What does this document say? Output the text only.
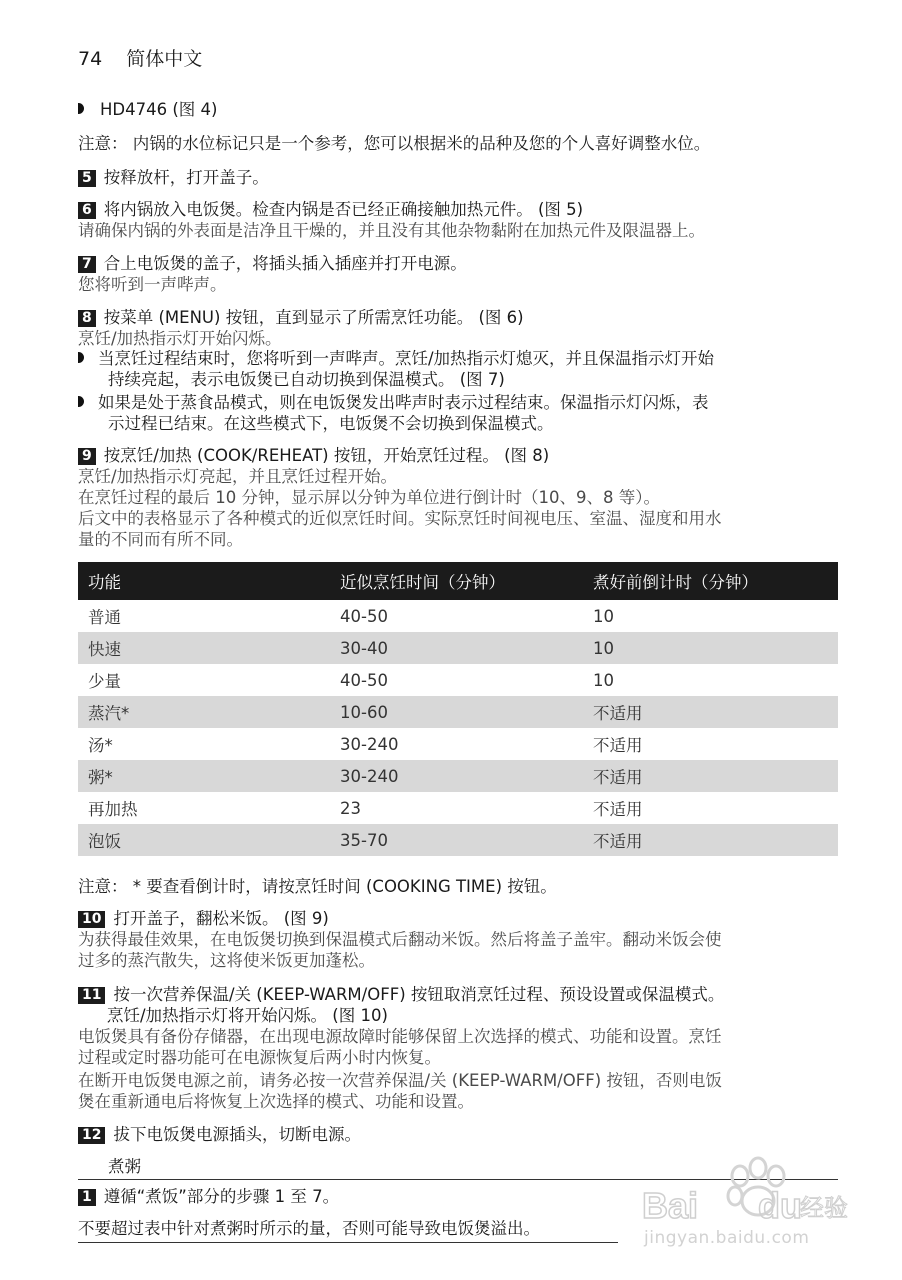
74 简体中文
HD4746 (图 4)
注意： 内锅的水位标记只是一个参考，您可以根据米的品种及您的个人喜好调整水位。
5 按释放杆，打开盖子。
6 将内锅放入电饭煲。检查内锅是否已经正确接触加热元件。 (图 5)
请确保内锅的外表面是洁净且干燥的，并且没有其他杂物黏附在加热元件及限温器上。
7 合上电饭煲的盖子，将插头插入插座并打开电源。
您将听到一声哔声。
8 按菜单 (MENU) 按钮，直到显示了所需烹饪功能。 (图 6)
烹饪/加热指示灯开始闪烁。
当烹饪过程结束时，您将听到一声哔声。烹饪/加热指示灯熄灭，并且保温指示灯开始
持续亮起，表示电饭煲已自动切换到保温模式。 (图 7)
如果是处于蒸食品模式，则在电饭煲发出哔声时表示过程结束。保温指示灯闪烁，表
示过程已结束。在这些模式下，电饭煲不会切换到保温模式。
9 按烹饪/加热 (COOK/REHEAT) 按钮，开始烹饪过程。 (图 8)
烹饪/加热指示灯亮起，并且烹饪过程开始。
在烹饪过程的最后 10 分钟，显示屏以分钟为单位进行倒计时（10、9、8 等）。
后文中的表格显示了各种模式的近似烹饪时间。实际烹饪时间视电压、室温、湿度和用水
量的不同而有所不同。
功能	近似烹饪时间（分钟）	煮好前倒计时（分钟）
普通	40-50	10
快速	30-40	10
少量	40-50	10
蒸汽*	10-60	不适用
汤*	30-240	不适用
粥*	30-240	不适用
再加热	23	不适用
泡饭	35-70	不适用
注意： * 要查看倒计时，请按烹饪时间 (COOKING TIME) 按钮。
10 打开盖子，翻松米饭。 (图 9)
为获得最佳效果，在电饭煲切换到保温模式后翻动米饭。然后将盖子盖牢。翻动米饭会使
过多的蒸汽散失，这将使米饭更加蓬松。
11 按一次营养保温/关 (KEEP-WARM/OFF) 按钮取消烹饪过程、预设设置或保温模式。
烹饪/加热指示灯将开始闪烁。 (图 10)
电饭煲具有备份存储器，在出现电源故障时能够保留上次选择的模式、功能和设置。烹饪
过程或定时器功能可在电源恢复后两小时内恢复。
在断开电饭煲电源之前，请务必按一次营养保温/关 (KEEP-WARM/OFF) 按钮，否则电饭
煲在重新通电后将恢复上次选择的模式、功能和设置。
12 拔下电饭煲电源插头，切断电源。
煮粥
1 遵循“煮饭”部分的步骤 1 至 7。
不要超过表中针对煮粥时所示的量，否则可能导致电饭煲溢出。
Bai du
经验
jingyan.baidu.com
